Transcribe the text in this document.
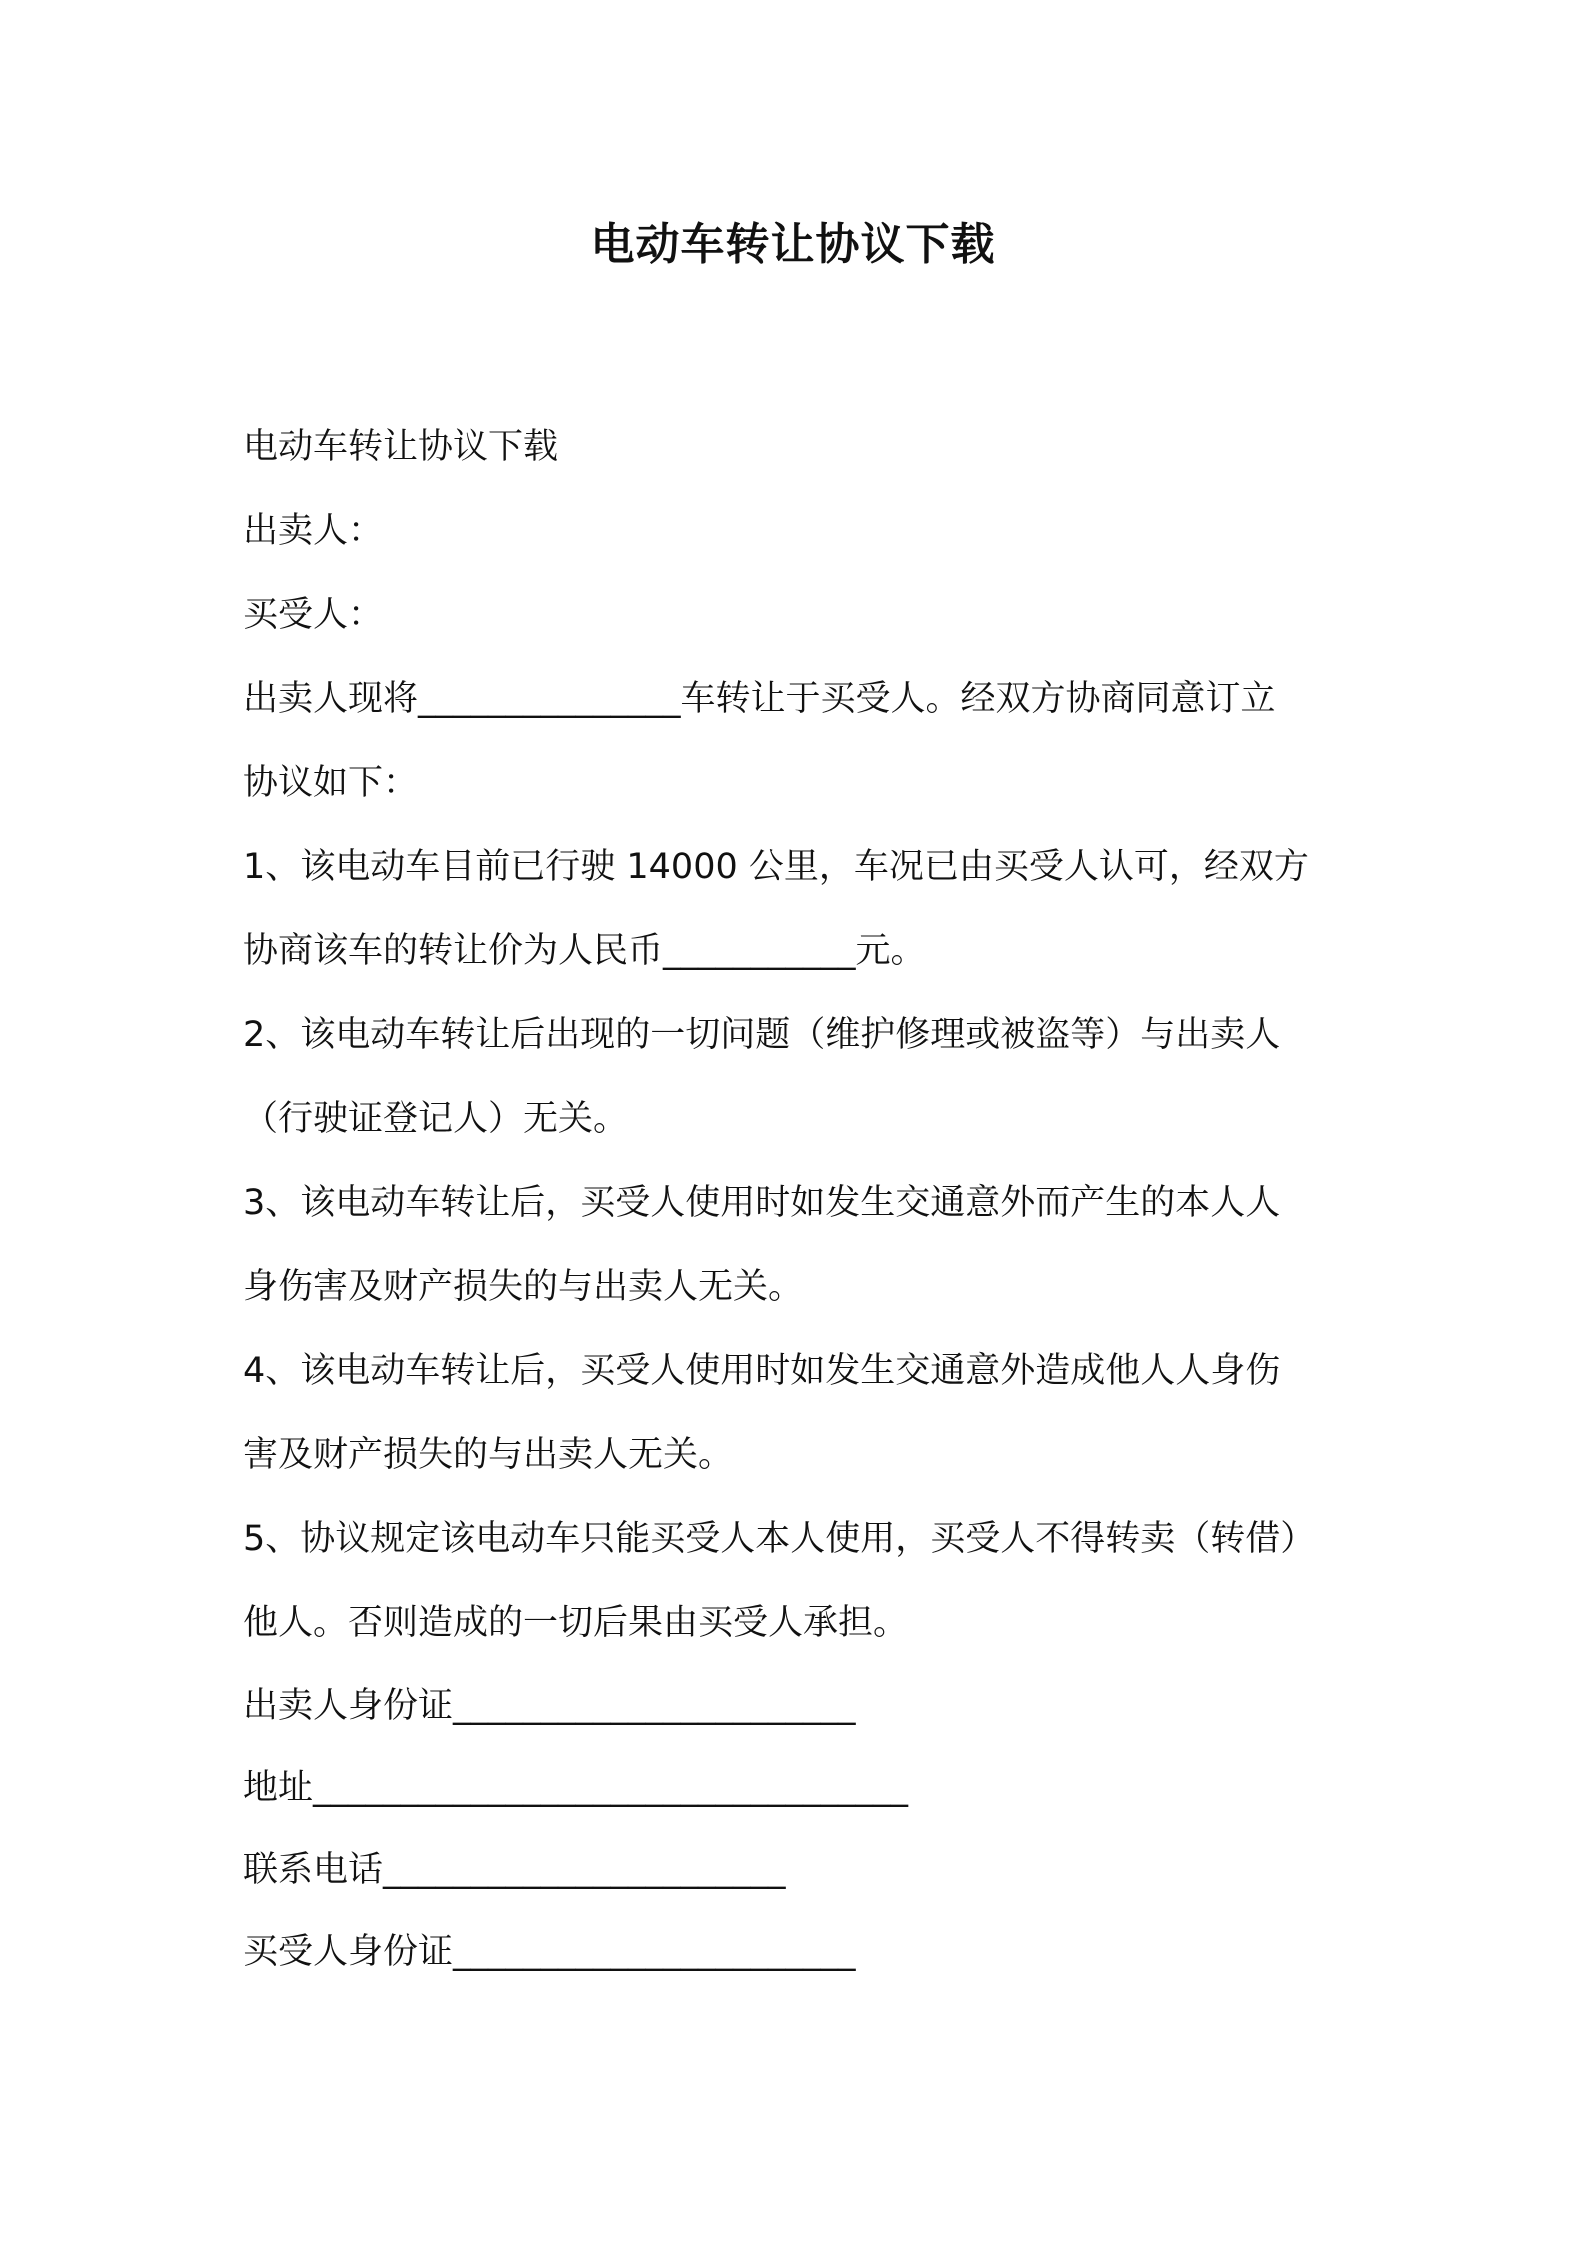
电动车转让协议下载
电动车转让协议下载
出卖人：
买受人：
出卖人现将_______________车转让于买受人。经双方协商同意订立
协议如下：
1、该电动车目前已行驶 14000 公里，车况已由买受人认可，经双方
协商该车的转让价为人民币___________元。
2、该电动车转让后出现的一切问题（维护修理或被盗等）与出卖人
（行驶证登记人）无关。
3、该电动车转让后，买受人使用时如发生交通意外而产生的本人人
身伤害及财产损失的与出卖人无关。
4、该电动车转让后，买受人使用时如发生交通意外造成他人人身伤
害及财产损失的与出卖人无关。
5、协议规定该电动车只能买受人本人使用，买受人不得转卖（转借）
他人。否则造成的一切后果由买受人承担。
出卖人身份证_______________________
地址__________________________________
联系电话_______________________
买受人身份证_______________________
